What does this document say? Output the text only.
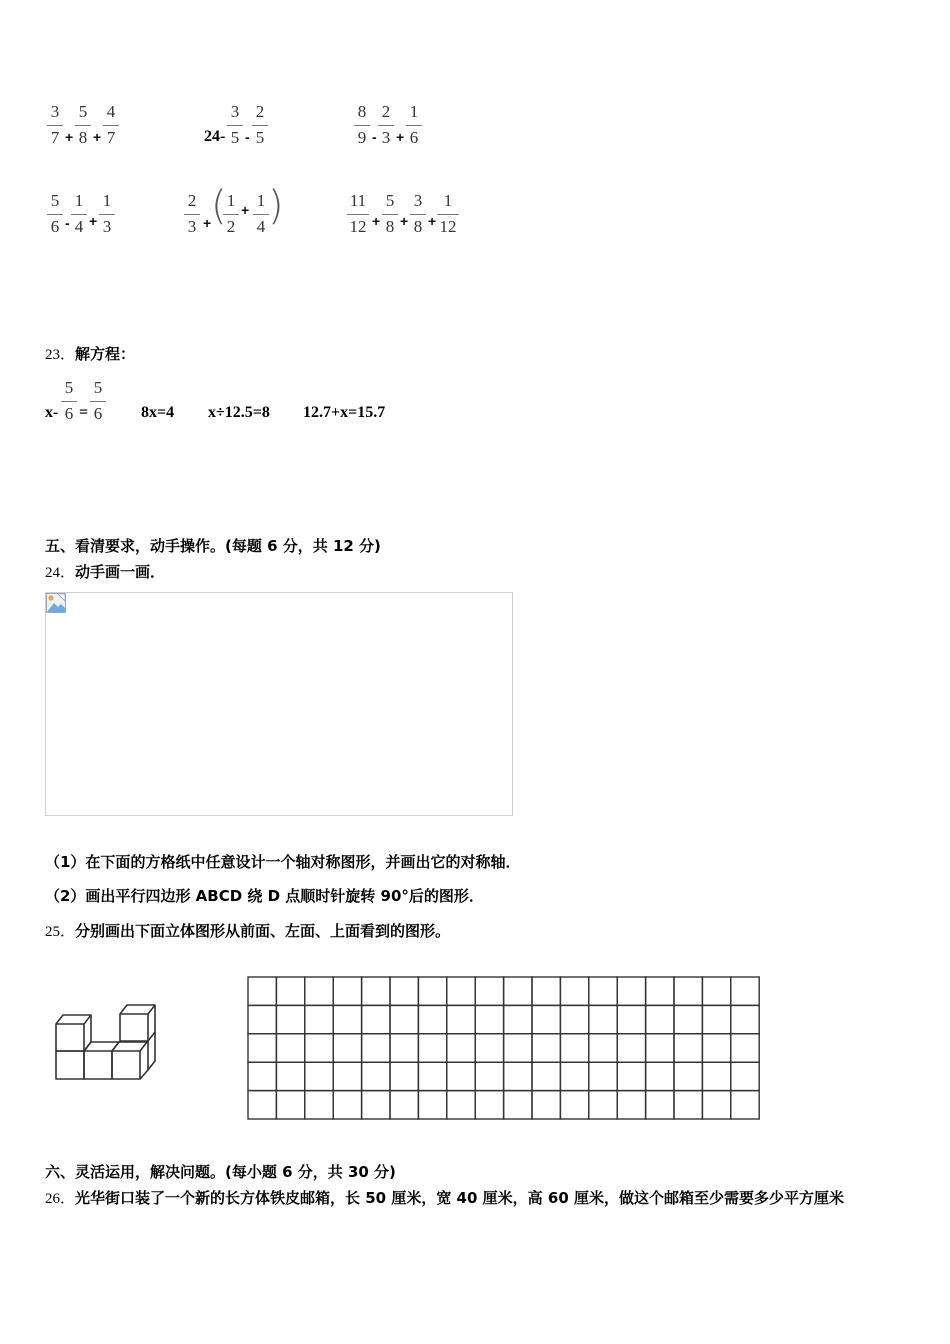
3
7 +
5
8 +
4
7	24-
3
5 -
2
5
8
9 -
2
3 +
1
6
5
6 -
1
4 +
1
3
2
3 + ( 1
2
+ 1
4 )	11
12 +
5
8 +
3
8 +
1
12
23．解方程：
x-
5
6 =
5
6 8x=4 x÷12.5=8 12.7+x=15.7
五、看清要求，动手操作。(每题 6 分，共 12 分)
24．动手画一画．
（1）在下面的方格纸中任意设计一个轴对称图形，并画出它的对称轴．
（2）画出平行四边形 ABCD 绕 D 点顺时针旋转 90°后的图形．
25．分别画出下面立体图形从前面、左面、上面看到的图形。
六、灵活运用，解决问题。(每小题 6 分，共 30 分)
26．光华街口装了一个新的长方体铁皮邮箱，长 50 厘米，宽 40 厘米，高 60 厘米，做这个邮箱至少需要多少平方厘米
